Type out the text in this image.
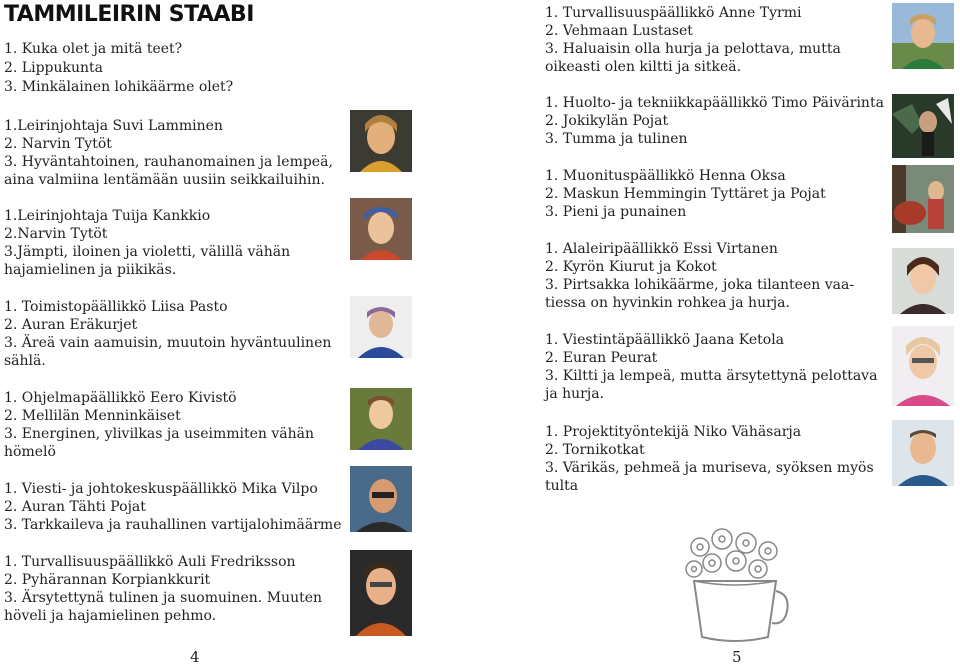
TAMMILEIRIN STAABI
1. Kuka olet ja mitä teet?
2. Lippukunta
3. Minkälainen lohikäärme olet?
1.Leirinjohtaja Suvi Lamminen
2. Narvin Tytöt
3. Hyväntahtoinen, rauhanomainen ja lempeä,
aina valmiina lentämään uusiin seikkailuihin.
1.Leirinjohtaja Tuija Kankkio
2.Narvin Tytöt
3.Jämpti, iloinen ja violetti, välillä vähän
hajamielinen ja piikikäs.
1. Toimistopäällikkö Liisa Pasto
2. Auran Eräkurjet
3. Äreä vain aamuisin, muutoin hyväntuulinen
sählä.
1. Ohjelmapäällikkö Eero Kivistö
2. Mellilän Menninkäiset
3. Energinen, ylivilkas ja useimmiten vähän
hömelö
1. Viesti- ja johtokeskuspäällikkö Mika Vilpo
2. Auran Tähti Pojat
3. Tarkkaileva ja rauhallinen vartijalohimäärme
1. Turvallisuuspäällikkö Auli Fredriksson
2. Pyhärannan Korpiankkurit
3. Ärsytettynä tulinen ja suomuinen. Muuten
höveli ja hajamielinen pehmo.
1. Turvallisuuspäällikkö Anne Tyrmi
2. Vehmaan Lustaset
3. Haluaisin olla hurja ja pelottava, mutta
oikeasti olen kiltti ja sitkeä.
1. Huolto- ja tekniikkapäällikkö Timo Päivärinta
2. Jokikylän Pojat
3. Tumma ja tulinen
1. Muonituspäällikkö Henna Oksa
2. Maskun Hemmingin Tyttäret ja Pojat
3. Pieni ja punainen
1. Alaleiripäällikkö Essi Virtanen
2. Kyrön Kiurut ja Kokot
3. Pirtsakka lohikäärme, joka tilanteen vaa-
tiessa on hyvinkin rohkea ja hurja.
1. Viestintäpäällikkö Jaana Ketola
2. Euran Peurat
3. Kiltti ja lempeä, mutta ärsytettynä pelottava
ja hurja.
1. Projektityöntekijä Niko Vähäsarja
2. Tornikotkat
3. Värikäs, pehmeä ja muriseva, syöksen myös
tulta
4	5
